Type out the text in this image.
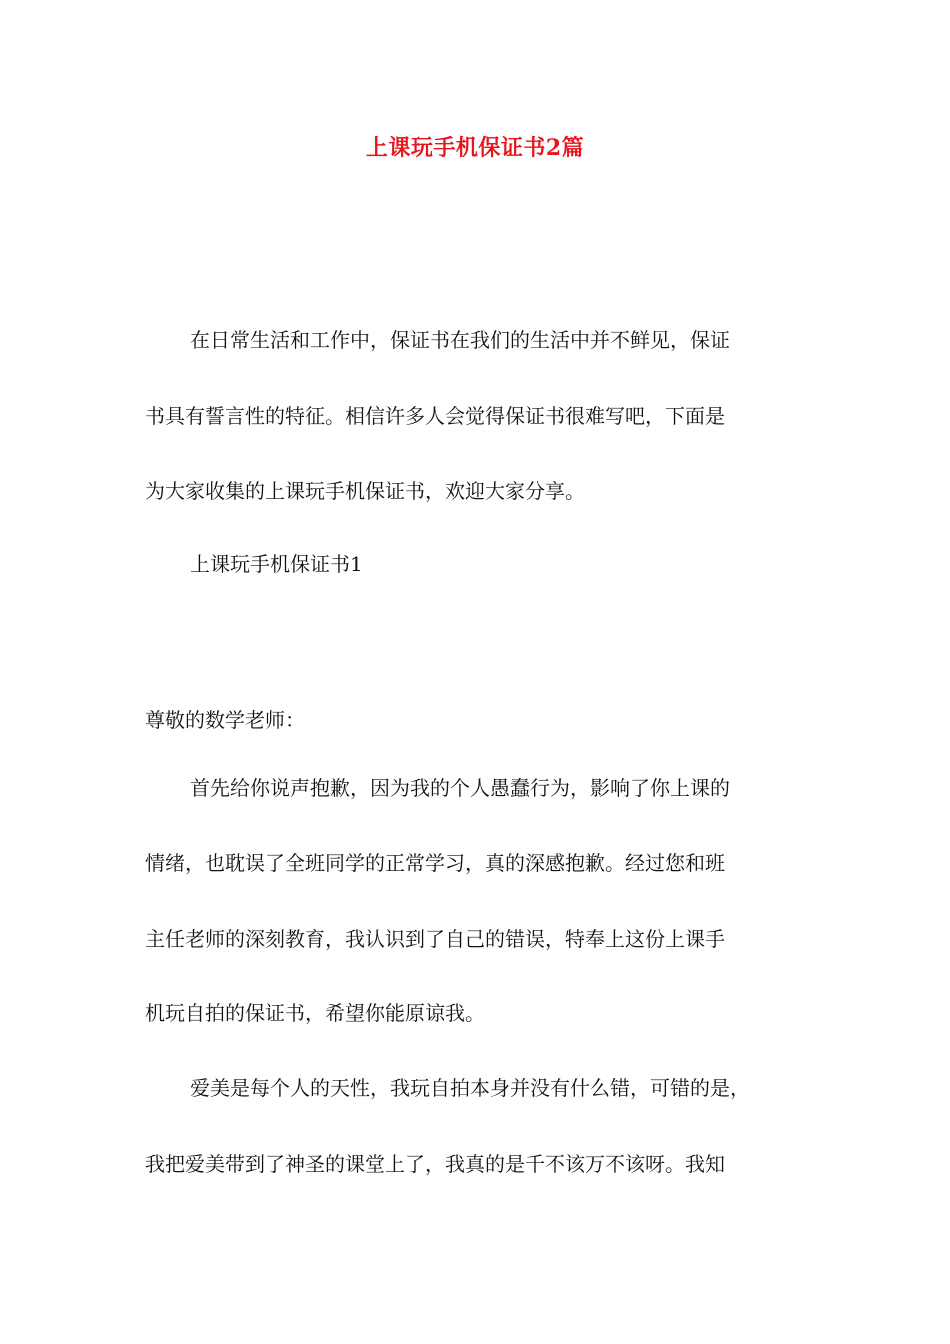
上课玩手机保证书2篇
在日常生活和工作中，保证书在我们的生活中并不鲜见，保证
书具有誓言性的特征。相信许多人会觉得保证书很难写吧，下面是
为大家收集的上课玩手机保证书，欢迎大家分享。
上课玩手机保证书1
尊敬的数学老师：
首先给你说声抱歉，因为我的个人愚蠢行为，影响了你上课的
情绪，也耽误了全班同学的正常学习，真的深感抱歉。经过您和班
主任老师的深刻教育，我认识到了自己的错误，特奉上这份上课手
机玩自拍的保证书，希望你能原谅我。
爱美是每个人的天性，我玩自拍本身并没有什么错，可错的是，
我把爱美带到了神圣的课堂上了，我真的是千不该万不该呀。我知
